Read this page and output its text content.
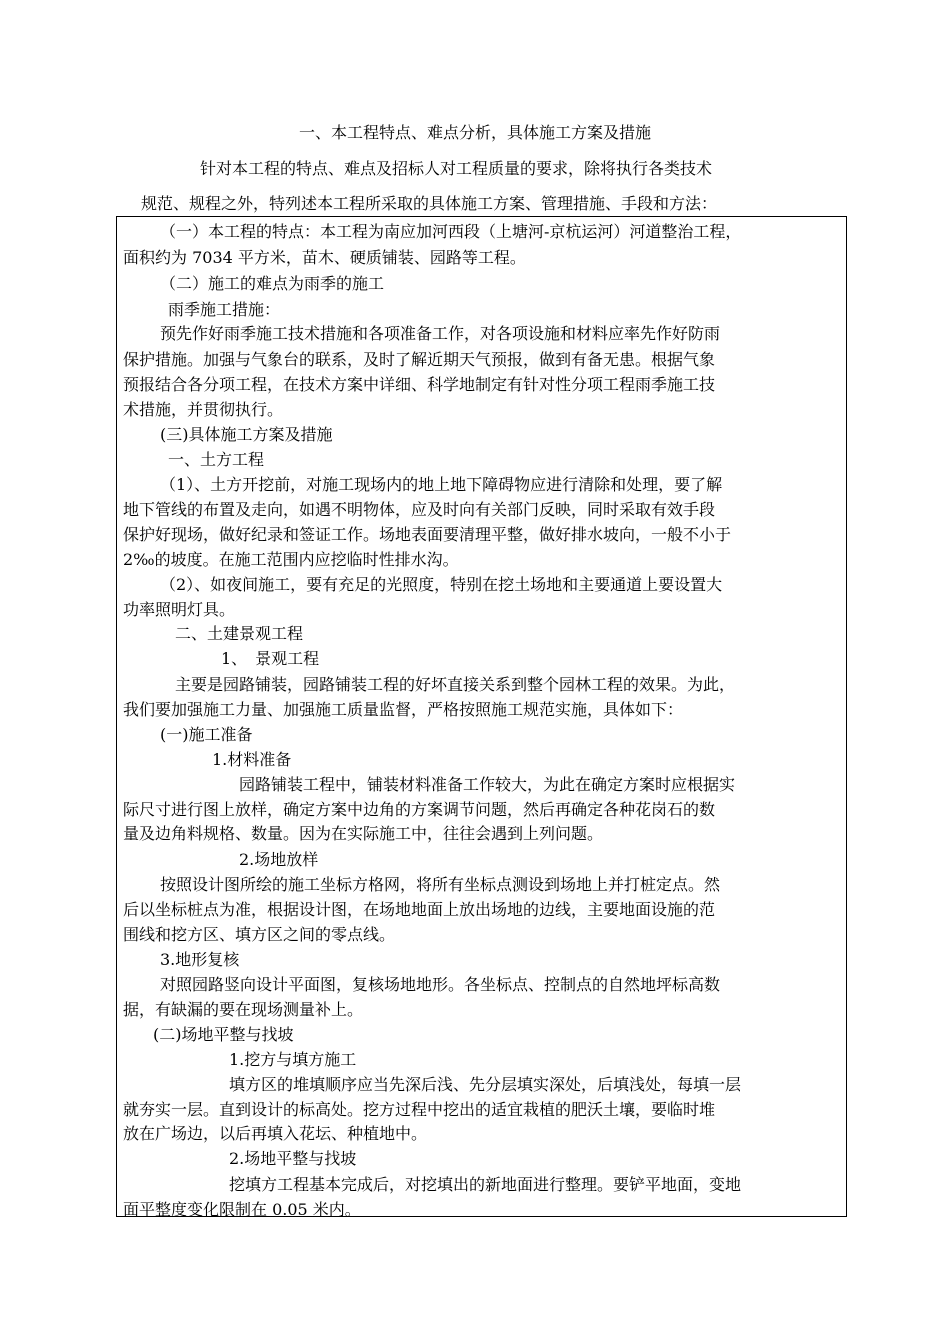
一、本工程特点、难点分析，具体施工方案及措施
针对本工程的特点、难点及招标人对工程质量的要求，除将执行各类技术
规范、规程之外，特列述本工程所采取的具体施工方案、管理措施、手段和方法：
（一）本工程的特点：本工程为南应加河西段（上塘河-京杭运河）河道整治工程，
面积约为 7034 平方米，苗木、硬质铺装、园路等工程。
（二）施工的难点为雨季的施工
雨季施工措施：
预先作好雨季施工技术措施和各项准备工作，对各项设施和材料应率先作好防雨
保护措施。加强与气象台的联系，及时了解近期天气预报，做到有备无患。根据气象
预报结合各分项工程，在技术方案中详细、科学地制定有针对性分项工程雨季施工技
术措施，并贯彻执行。
(三)具体施工方案及措施
一、土方工程
（1）、土方开挖前，对施工现场内的地上地下障碍物应进行清除和处理，要了解
地下管线的布置及走向，如遇不明物体，应及时向有关部门反映，同时采取有效手段
保护好现场，做好纪录和签证工作。场地表面要清理平整，做好排水坡向，一般不小于
2‰的坡度。在施工范围内应挖临时性排水沟。
（2）、如夜间施工，要有充足的光照度，特别在挖土场地和主要通道上要设置大
功率照明灯具。
二、土建景观工程
1、　景观工程
主要是园路铺装，园路铺装工程的好坏直接关系到整个园林工程的效果。为此，
我们要加强施工力量、加强施工质量监督，严格按照施工规范实施，具体如下：
(一)施工准备
1.材料准备
园路铺装工程中，铺装材料准备工作较大，为此在确定方案时应根据实
际尺寸进行图上放样，确定方案中边角的方案调节问题，然后再确定各种花岗石的数
量及边角料规格、数量。因为在实际施工中，往往会遇到上列问题。
2.场地放样
按照设计图所绘的施工坐标方格网，将所有坐标点测设到场地上并打桩定点。然
后以坐标桩点为准，根据设计图，在场地地面上放出场地的边线，主要地面设施的范
围线和挖方区、填方区之间的零点线。
3.地形复核
对照园路竖向设计平面图，复核场地地形。各坐标点、控制点的自然地坪标高数
据，有缺漏的要在现场测量补上。
(二)场地平整与找坡
1.挖方与填方施工
填方区的堆填顺序应当先深后浅、先分层填实深处，后填浅处，每填一层
就夯实一层。直到设计的标高处。挖方过程中挖出的适宜栽植的肥沃土壤，要临时堆
放在广场边，以后再填入花坛、种植地中。
2.场地平整与找坡
挖填方工程基本完成后，对挖填出的新地面进行整理。要铲平地面，变地
面平整度变化限制在 0.05 米内。
